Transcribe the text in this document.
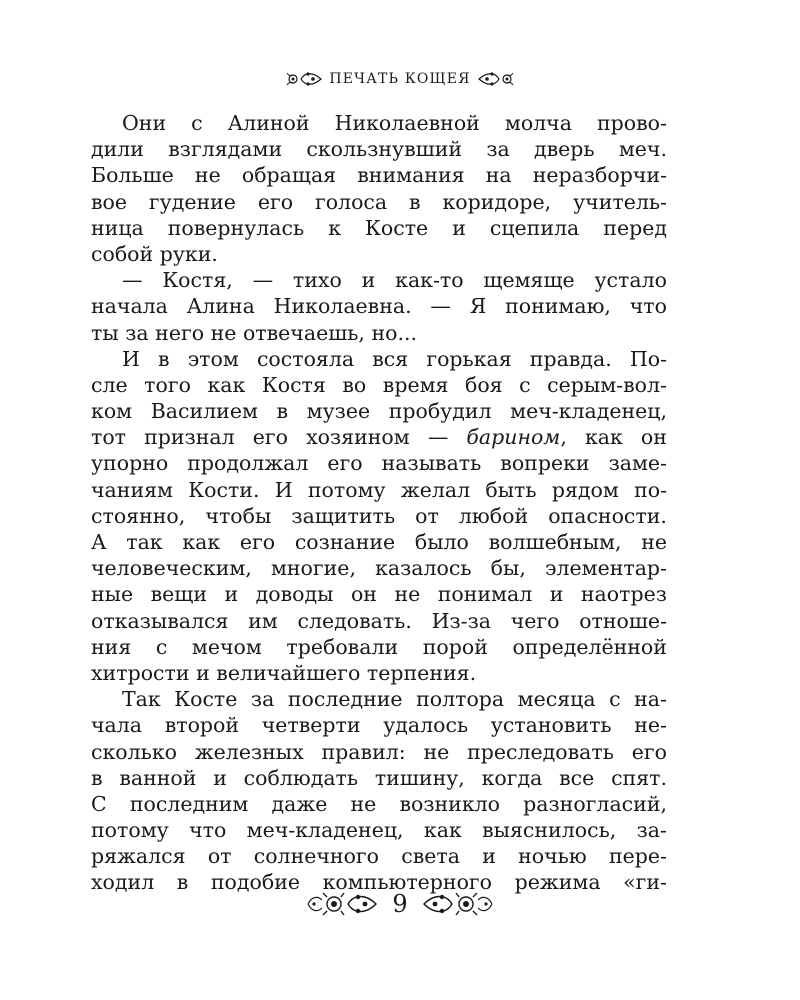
ПЕЧАТЬ КОЩЕЯ
Они с Алиной Николаевной молча прово-
дили взглядами скользнувший за дверь меч.
Больше не обращая внимания на неразборчи-
вое гудение его голоса в коридоре, учитель-
ница повернулась к Косте и сцепила перед
собой руки.
— Костя, — тихо и как-то щемяще устало
начала Алина Николаевна. — Я понимаю, что
ты за него не отвечаешь, но...
И в этом состояла вся горькая правда. По-
сле того как Костя во время боя с серым-вол-
ком Василием в музее пробудил меч-кладенец,
тот признал его хозяином — барином, как он
упорно продолжал его называть вопреки заме-
чаниям Кости. И потому желал быть рядом по-
стоянно, чтобы защитить от любой опасности.
А так как его сознание было волшебным, не
человеческим, многие, казалось бы, элементар-
ные вещи и доводы он не понимал и наотрез
отказывался им следовать. Из-за чего отноше-
ния с мечом требовали порой определённой
хитрости и величайшего терпения.
Так Косте за последние полтора месяца с на-
чала второй четверти удалось установить не-
сколько железных правил: не преследовать его
в ванной и соблюдать тишину, когда все спят.
С последним даже не возникло разногласий,
потому что меч-кладенец, как выяснилось, за-
ряжался от солнечного света и ночью пере-
ходил в подобие компьютерного режима «ги-
9
